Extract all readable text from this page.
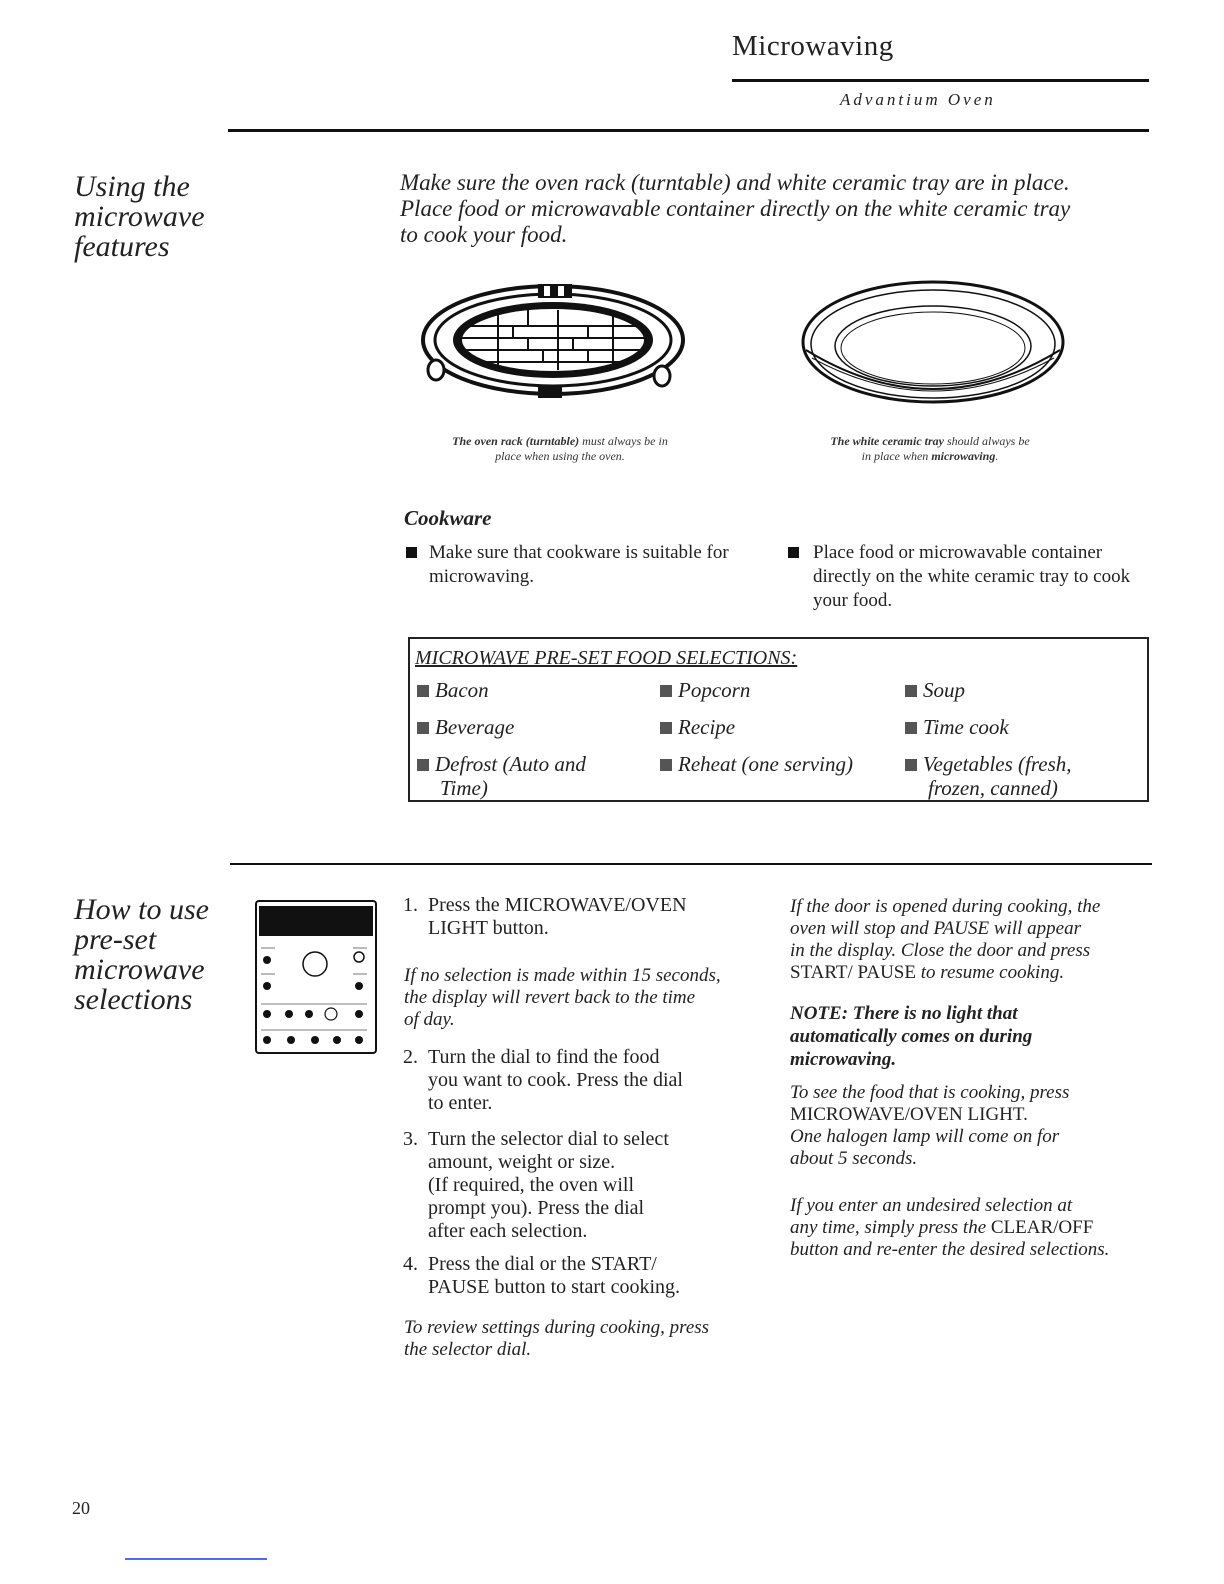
Microwaving
Advantium Oven
Using the
microwave
features
Make sure the oven rack (turntable) and white ceramic tray are in place.
Place food or microwavable container directly on the white ceramic tray
to cook your food.
The oven rack (turntable) must always be in
place when using the oven.
The white ceramic tray should always be
in place when microwaving.
Cookware
Make sure that cookware is suitable for microwaving.
Place food or microwavable container directly on the white ceramic tray to cook your food.
MICROWAVE PRE-SET FOOD SELECTIONS:
Bacon
Beverage
Defrost (Auto and
Time)
Popcorn
Recipe
Reheat (one serving)
Soup
Time cook
Vegetables (fresh,
frozen, canned)
How to use
pre-set
microwave
selections
1. Press the MICROWAVE/OVEN
LIGHT button.
If no selection is made within 15 seconds,
the display will revert back to the time
of day.
2. Turn the dial to find the food
you want to cook. Press the dial
to enter.
3. Turn the selector dial to select
amount, weight or size.
(If required, the oven will
prompt you). Press the dial
after each selection.
4. Press the dial or the START/
PAUSE button to start cooking.
To review settings during cooking, press
the selector dial.
If the door is opened during cooking, the
oven will stop and PAUSE will appear
in the display. Close the door and press
START/ PAUSE to resume cooking.
NOTE: There is no light that
automatically comes on during
microwaving.
To see the food that is cooking, press
MICROWAVE/OVEN LIGHT.
One halogen lamp will come on for
about 5 seconds.
If you enter an undesired selection at
any time, simply press the CLEAR/OFF
button and re-enter the desired selections.
20
